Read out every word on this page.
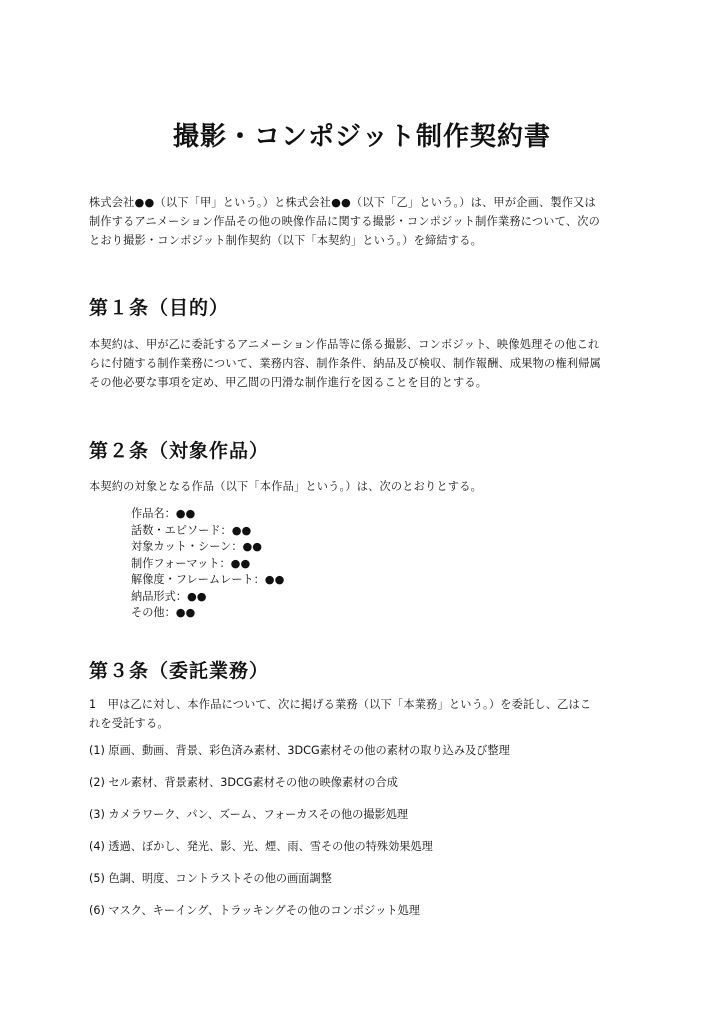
撮影・コンポジット制作契約書
株式会社●●（以下「甲」という。）と株式会社●●（以下「乙」という。）は、甲が企画、製作又は
制作するアニメーション作品その他の映像作品に関する撮影・コンポジット制作業務について、次の
とおり撮影・コンポジット制作契約（以下「本契約」という。）を締結する。
第１条（目的）
本契約は、甲が乙に委託するアニメーション作品等に係る撮影、コンポジット、映像処理その他これ
らに付随する制作業務について、業務内容、制作条件、納品及び検収、制作報酬、成果物の権利帰属
その他必要な事項を定め、甲乙間の円滑な制作進行を図ることを目的とする。
第２条（対象作品）
本契約の対象となる作品（以下「本作品」という。）は、次のとおりとする。
作品名：●●
話数・エピソード：●●
対象カット・シーン：●●
制作フォーマット：●●
解像度・フレームレート：●●
納品形式：●●
その他：●●
第３条（委託業務）
1　甲は乙に対し、本作品について、次に掲げる業務（以下「本業務」という。）を委託し、乙はこ
れを受託する。
(1) 原画、動画、背景、彩色済み素材、3DCG素材その他の素材の取り込み及び整理
(2) セル素材、背景素材、3DCG素材その他の映像素材の合成
(3) カメラワーク、パン、ズーム、フォーカスその他の撮影処理
(4) 透過、ぼかし、発光、影、光、煙、雨、雪その他の特殊効果処理
(5) 色調、明度、コントラストその他の画面調整
(6) マスク、キーイング、トラッキングその他のコンポジット処理
